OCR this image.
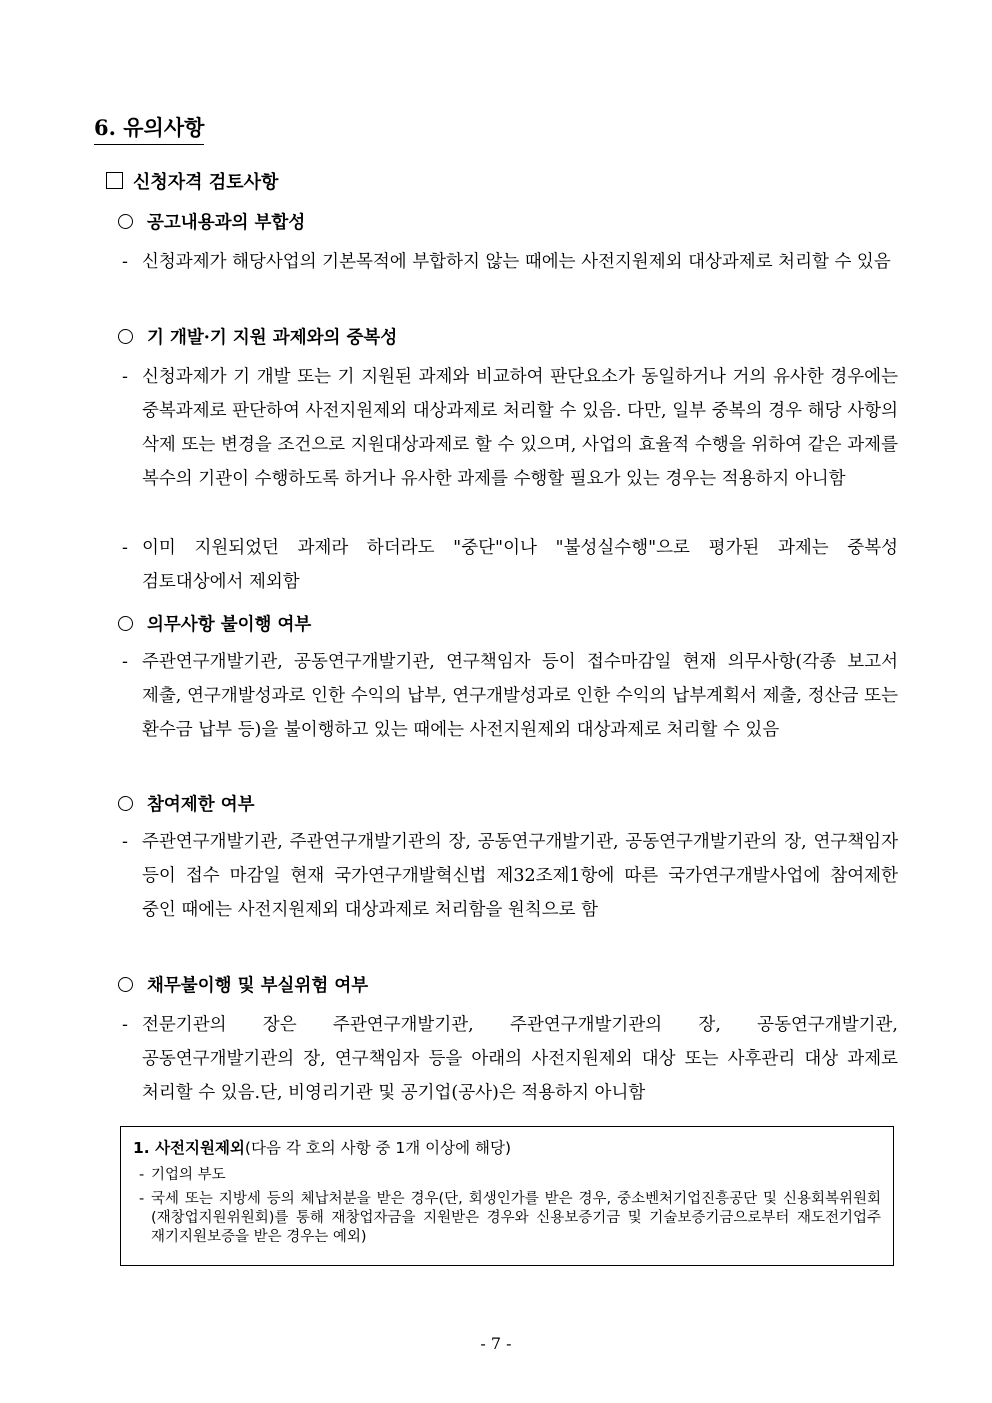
6. 유의사항
신청자격 검토사항
공고내용과의 부합성
- 신청과제가 해당사업의 기본목적에 부합하지 않는 때에는 사전지원제외 대상과제로 처리할 수 있음
기 개발·기 지원 과제와의 중복성
- 신청과제가 기 개발 또는 기 지원된 과제와 비교하여 판단요소가 동일하거나 거의 유사한 경우에는 중복과제로 판단하여 사전지원제외 대상과제로 처리할 수 있음. 다만, 일부 중복의 경우 해당 사항의 삭제 또는 변경을 조건으로 지원대상과제로 할 수 있으며, 사업의 효율적 수행을 위하여 같은 과제를 복수의 기관이 수행하도록 하거나 유사한 과제를 수행할 필요가 있는 경우는 적용하지 아니함
- 이미 지원되었던 과제라 하더라도 "중단"이나 "불성실수행"으로 평가된 과제는 중복성 검토대상에서 제외함
의무사항 불이행 여부
- 주관연구개발기관, 공동연구개발기관, 연구책임자 등이 접수마감일 현재 의무사항(각종 보고서 제출, 연구개발성과로 인한 수익의 납부, 연구개발성과로 인한 수익의 납부계획서 제출, 정산금 또는 환수금 납부 등)을 불이행하고 있는 때에는 사전지원제외 대상과제로 처리할 수 있음
참여제한 여부
- 주관연구개발기관, 주관연구개발기관의 장, 공동연구개발기관, 공동연구개발기관의 장, 연구책임자 등이 접수 마감일 현재 국가연구개발혁신법 제32조제1항에 따른 국가연구개발사업에 참여제한 중인 때에는 사전지원제외 대상과제로 처리함을 원칙으로 함
채무불이행 및 부실위험 여부
- 전문기관의 장은 주관연구개발기관, 주관연구개발기관의 장, 공동연구개발기관, 공동연구개발기관의 장, 연구책임자 등을 아래의 사전지원제외 대상 또는 사후관리 대상 과제로 처리할 수 있음.단, 비영리기관 및 공기업(공사)은 적용하지 아니함
1. 사전지원제외(다음 각 호의 사항 중 1개 이상에 해당)
- 기업의 부도
- 국세 또는 지방세 등의 체납처분을 받은 경우(단, 회생인가를 받은 경우, 중소벤처기업진흥공단 및 신용회복위원회(재창업지원위원회)를 통해 재창업자금을 지원받은 경우와 신용보증기금 및 기술보증기금으로부터 재도전기업주 재기지원보증을 받은 경우는 예외)
- 7 -
